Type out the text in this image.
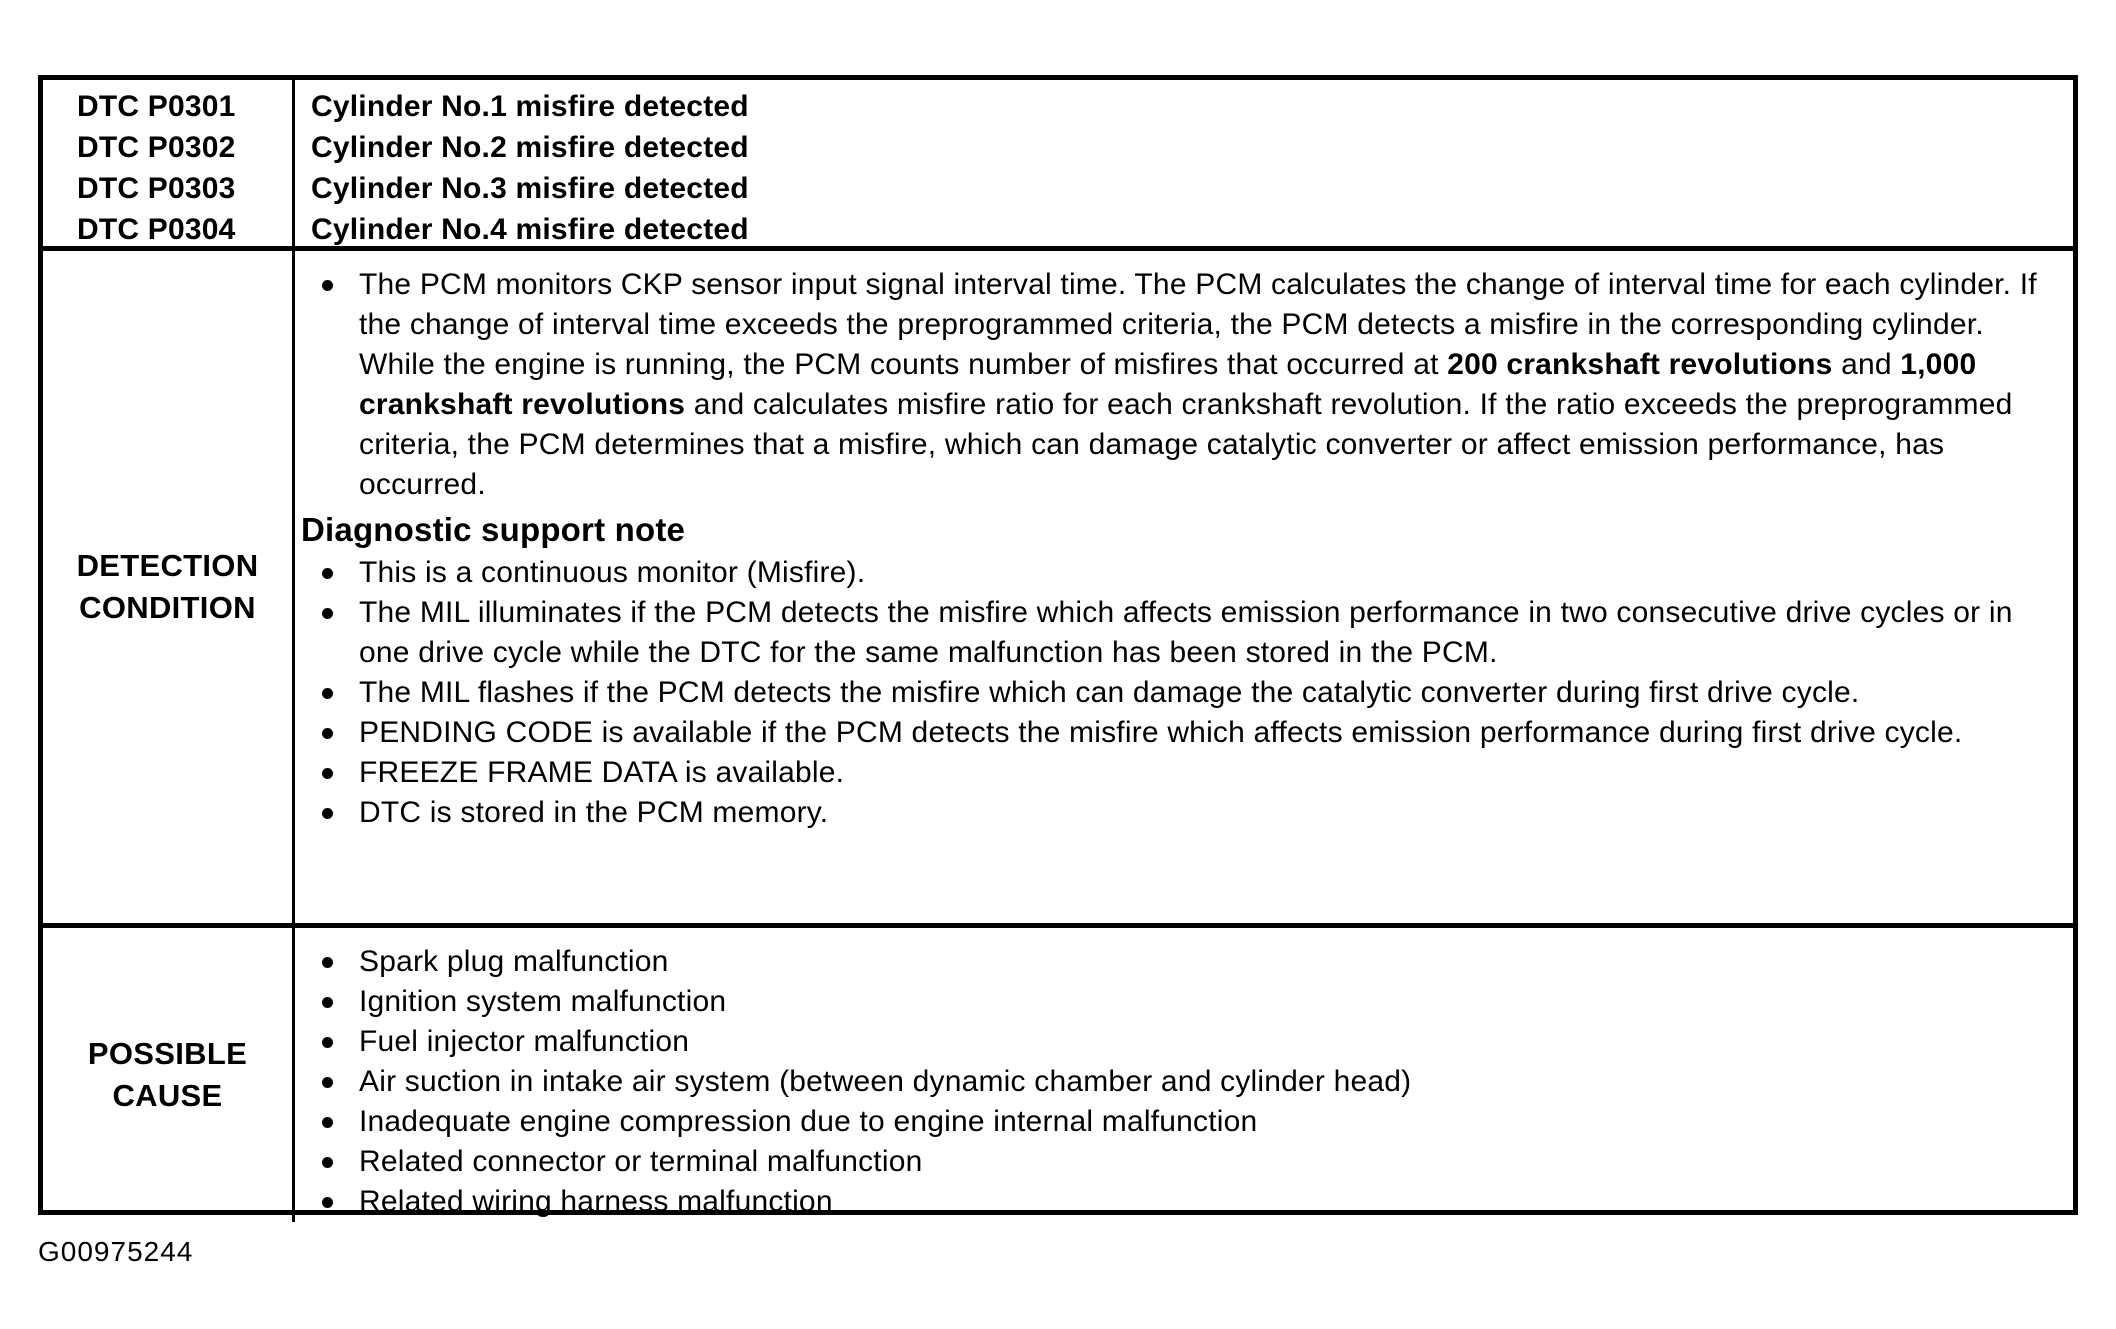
DTC P0301
DTC P0302
DTC P0303
DTC P0304
Cylinder No.1 misfire detected
Cylinder No.2 misfire detected
Cylinder No.3 misfire detected
Cylinder No.4 misfire detected
DETECTION CONDITION
The PCM monitors CKP sensor input signal interval time. The PCM calculates the change of interval time for each cylinder. If the change of interval time exceeds the preprogrammed criteria, the PCM detects a misfire in the corresponding cylinder. While the engine is running, the PCM counts number of misfires that occurred at 200 crankshaft revolutions and 1,000 crankshaft revolutions and calculates misfire ratio for each crankshaft revolution. If the ratio exceeds the preprogrammed criteria, the PCM determines that a misfire, which can damage catalytic converter or affect emission performance, has occurred.
Diagnostic support note
This is a continuous monitor (Misfire).
The MIL illuminates if the PCM detects the misfire which affects emission performance in two consecutive drive cycles or in one drive cycle while the DTC for the same malfunction has been stored in the PCM.
The MIL flashes if the PCM detects the misfire which can damage the catalytic converter during first drive cycle.
PENDING CODE is available if the PCM detects the misfire which affects emission performance during first drive cycle.
FREEZE FRAME DATA is available.
DTC is stored in the PCM memory.
POSSIBLE CAUSE
Spark plug malfunction
Ignition system malfunction
Fuel injector malfunction
Air suction in intake air system (between dynamic chamber and cylinder head)
Inadequate engine compression due to engine internal malfunction
Related connector or terminal malfunction
Related wiring harness malfunction
G00975244
